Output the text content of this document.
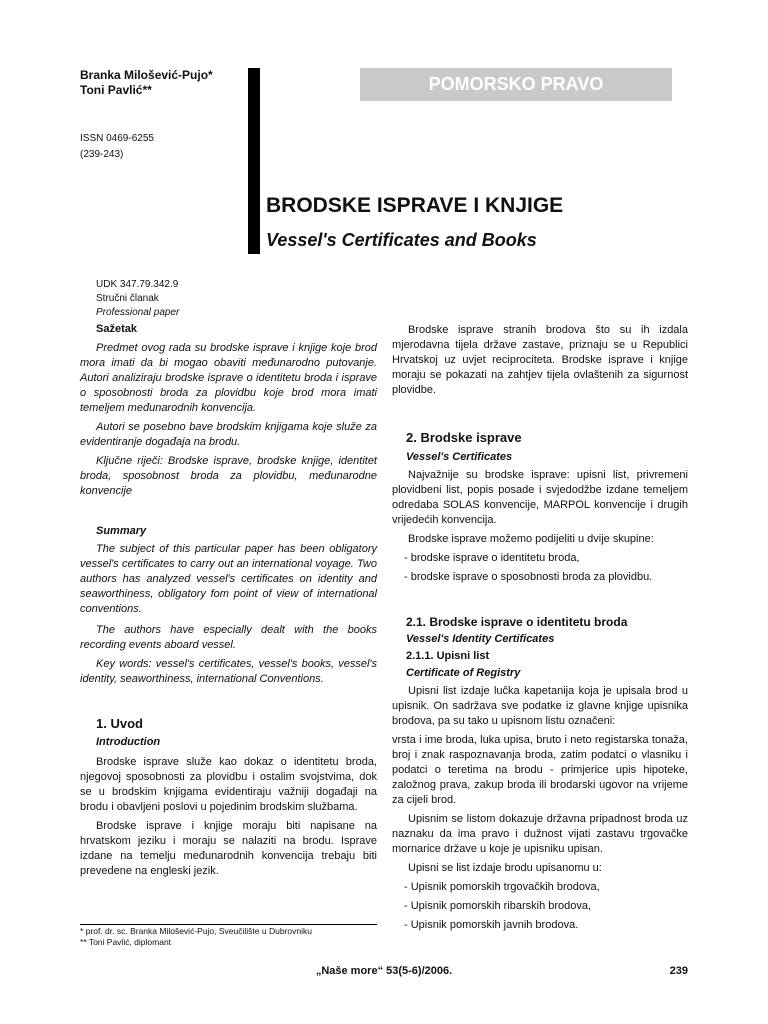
Branka Milošević-Pujo*
Toni Pavlić**
ISSN 0469-6255
(239-243)
POMORSKO PRAVO
BRODSKE ISPRAVE I KNJIGE
Vessel's Certificates and Books
UDK 347.79.342.9
Stručni članak
Professional paper
Sažetak

Predmet ovog rada su brodske isprave i knjige koje brod mora imati da bi mogao obaviti međunarodno putovanje. Autori analiziraju brodske isprave o identitetu broda i isprave o sposobnosti broda za plovidbu koje brod mora imati temeljem međunarodnih konvencija.

Autori se posebno bave brodskim knjigama koje služe za evidentiranje događaja na brodu.

Ključne riječi: Brodske isprave, brodske knjige, identitet broda, sposobnost broda za plovidbu, međunarodne konvencije

Summary

The subject of this particular paper has been obligatory vessel's certificates to carry out an international voyage. Two authors has analyzed vessel's certificates on identity and seaworthiness, obligatory fom point of view of international conventions.

The authors have especially dealt with the books recording events aboard vessel.

Key words: vessel's certificates, vessel's books, vessel's identity, seaworthiness, international Conventions.

1. Uvod
Introduction

Brodske isprave služe kao dokaz o identitetu broda, njegovoj sposobnosti za plovidbu i ostalim svojstvima, dok se u brodskim knjigama evidentiraju važniji događaji na brodu i obavljeni poslovi u pojedinim brodskim službama.

Brodske isprave i knjige moraju biti napisane na hrvatskom jeziku i moraju se nalaziti na brodu. Isprave izdane na temelju međunarodnih konvencija trebaju biti prevedene na engleski jezik.

Brodske isprave stranih brodova što su ih izdala mjerodavna tijela države zastave, priznaju se u Republici Hrvatskoj uz uvjet reciprociteta. Brodske isprave i knjige moraju se pokazati na zahtjev tijela ovlaštenih za sigurnost plovidbe.

2. Brodske isprave
Vessel's Certificates

Najvažnije su brodske isprave: upisni list, privremeni plovidbeni list, popis posade i svjedodžbe izdane temeljem odredaba SOLAS konvencije, MARPOL konvencije i drugih vrijedećih konvencija.

Brodske isprave možemo podijeliti u dvije skupine:

- brodske isprave o identitetu broda,
- brodske isprave o sposobnosti broda za plovidbu.
2.1. Brodske isprave o identitetu broda
Vessel's Identity Certificates
2.1.1. Upisni list
Certificate of Registry

Upisni list izdaje lučka kapetanija koja je upisala brod u upisnik. On sadržava sve podatke iz glavne knjige upisnika brodova, pa su tako u upisnom listu označeni:

vrsta i ime broda, luka upisa, bruto i neto registarska tonaža, broj i znak raspoznavanja broda, zatim podatci o vlasniku i podatci o teretima na brodu - primjerice upis hipoteke, založnog prava, zakup broda ili brodarski ugovor na vrijeme za cijeli brod.

Upisnim se listom dokazuje državna pripadnost broda uz naznaku da ima pravo i dužnost vijati zastavu trgovačke mornarice države u koje je upisniku upisan.

Upisni se list izdaje brodu upisanomu u:

- Upisnik pomorskih trgovačkih brodova,
- Upisnik pomorskih ribarskih brodova,
- Upisnik pomorskih javnih brodova.
* prof. dr. sc. Branka Milošević-Pujo, Sveučilište u Dubrovniku
** Toni Pavlić, diplomant
„Naše more“ 53(5-6)/2006.	239
